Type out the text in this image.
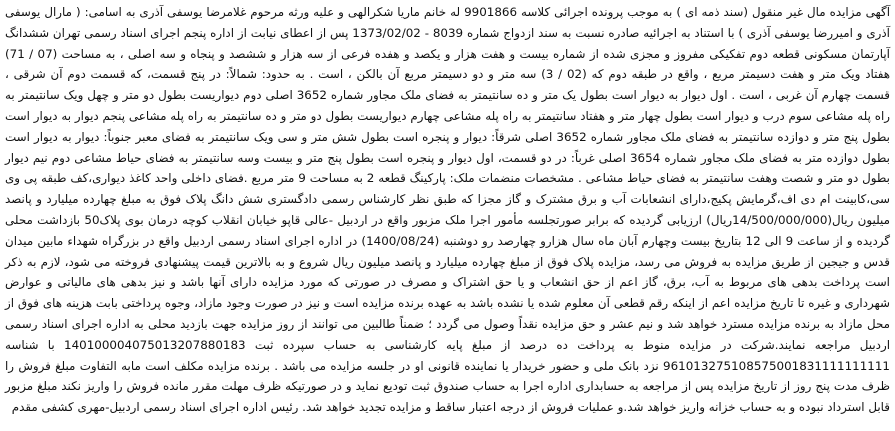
آگهی مزایده مال غیر منقول (سند ذمه ای ) به موجب پرونده اجرائی کلاسه 9901866 له خانم ماریا شکرالهی و علیه ورثه مرحوم غلامرضا یوسفی آذری به اسامی: ( مارال یوسفی آذری و امیررضا یوسفی آذری ) با استناد به اجرائیه صادره نسبت به سند ازدواج شماره 8039 - 1373/02/02 پس از اعطای نیابت از اداره پنجم اجرای اسناد رسمی تهران ششدانگ آپارتمان مسکونی قطعه دوم تفکیکی مفروز و مجزی شده از شماره بیست و هفت هزار و یکصد و هفده فرعی از سه هزار و ششصد و پنجاه و سه اصلی ، به مساحت (07 / 71) هفتاد ویک متر و هفت دسیمتر مربع ، واقع در طبقه دوم که (02 / 3) سه متر و دو دسیمتر مربع آن بالکن ، است . به حدود: شمالاً: در پنج قسمت، که قسمت دوم آن شرقی ، قسمت چهارم آن غربی ، است . اول دیوار به دیوار است بطول یک متر و ده سانتیمتر به فضای ملک مجاور شماره 3652 اصلی دوم دیواریست بطول دو متر و چهل ویک سانتیمتر به راه پله مشاعی سوم درب و دیوار است بطول چهار متر و هفتاد سانتیمتر به راه پله مشاعی چهارم دیواریست بطول دو متر و ده سانتیمتر به راه پله مشاعی پنجم دیوار به دیوار است بطول پنج متر و دوازده سانتیمتر به فضای ملک مجاور شماره 3652 اصلی شرقاً: دیوار و پنجره است بطول شش متر و سی ویک سانتیمتر به فضای معبر جنوباً: دیوار به دیوار است بطول دوازده متر به فضای ملک مجاور شماره 3654 اصلی غرباً: در دو قسمت، اول دیوار و پنجره است بطول پنج متر و بیست وسه سانتیمتر به فضای حیاط مشاعی دوم نیم دیوار بطول دو متر و شصت وهفت سانتیمتر به فضای حیاط مشاعی . مشخصات منضمات ملک: پارکینگ قطعه 2 به مساحت 9 متر مربع .فضای داخلی واحد کاغذ دیواری،کف طبقه پی وی سی،کابینت ام دی اف،گرمایش پکیج،دارای انشعابات آب و برق مشترک و گاز مجزا که طبق نظر کارشناس رسمی دادگستری شش دانگ پلاک فوق به مبلغ چهارده میلیارد و پانصد میلیون ریال(14/500/000/000ریال) ارزیابی گردیده که برابر صورتجلسه مأمور اجرا ملک مزبور واقع در اردبیل -عالی قاپو خیابان انقلاب کوچه درمان بوی پلاک50 بازداشت محلی گردیده و از ساعت 9 الی 12 بتاریخ بیست وچهارم آبان ماه سال هزارو چهارصد رو دوشنبه (1400/08/24) در اداره اجرای اسناد رسمی اردبیل واقع در بزرگراه شهداء مابین میدان قدس و جیجین از طریق مزایده به فروش می رسد، مزایده پلاک فوق از مبلغ چهارده میلیارد و پانصد میلیون ریال شروع و به بالاترین قیمت پیشنهادی فروخته می شود، لازم به ذکر است پرداخت بدهی های مربوط به آب، برق، گاز اعم از حق انشعاب و یا حق اشتراک و مصرف در صورتی که مورد مزایده دارای آنها باشد و نیز بدهی های مالیاتی و عوارض شهرداری و غیره تا تاریخ مزایده اعم از اینکه رقم قطعی آن معلوم شده یا نشده باشد به عهده برنده مزایده است و نیز در صورت وجود مازاد، وجوه پرداختی بابت هزینه های فوق از محل مازاد به برنده مزایده مسترد خواهد شد و نیم عشر و حق مزایده نقداً وصول می گردد ؛ ضمناً طالبین می توانند از روز مزایده جهت بازدید محلی به اداره اجرای اسناد رسمی اردبیل مراجعه نمایند.شرکت در مزایده منوط به پرداخت ده درصد از مبلغ پایه کارشناسی به حساب سپرده ثبت 140100004075013207880183 با شناسه 961013275108575001831111111111 نزد بانک ملی و حضور خریدار یا نماینده قانونی او در جلسه مزایده می باشد . برنده مزایده مکلف است مابه التفاوت مبلغ فروش را ظرف مدت پنج روز از تاریخ مزایده پس از مراجعه به حسابداری اداره اجرا به حساب صندوق ثبت تودیع نماید و در صورتیکه ظرف مهلت مقرر مانده فروش را واریز نکند مبلغ مزبور قابل استرداد نبوده و به حساب خزانه واریز خواهد شد.و عملیات فروش از درجه اعتبار ساقط و مزایده تجدید خواهد شد. رئیس اداره اجرای اسناد رسمی اردبیل-مهری کشفی مقدم
